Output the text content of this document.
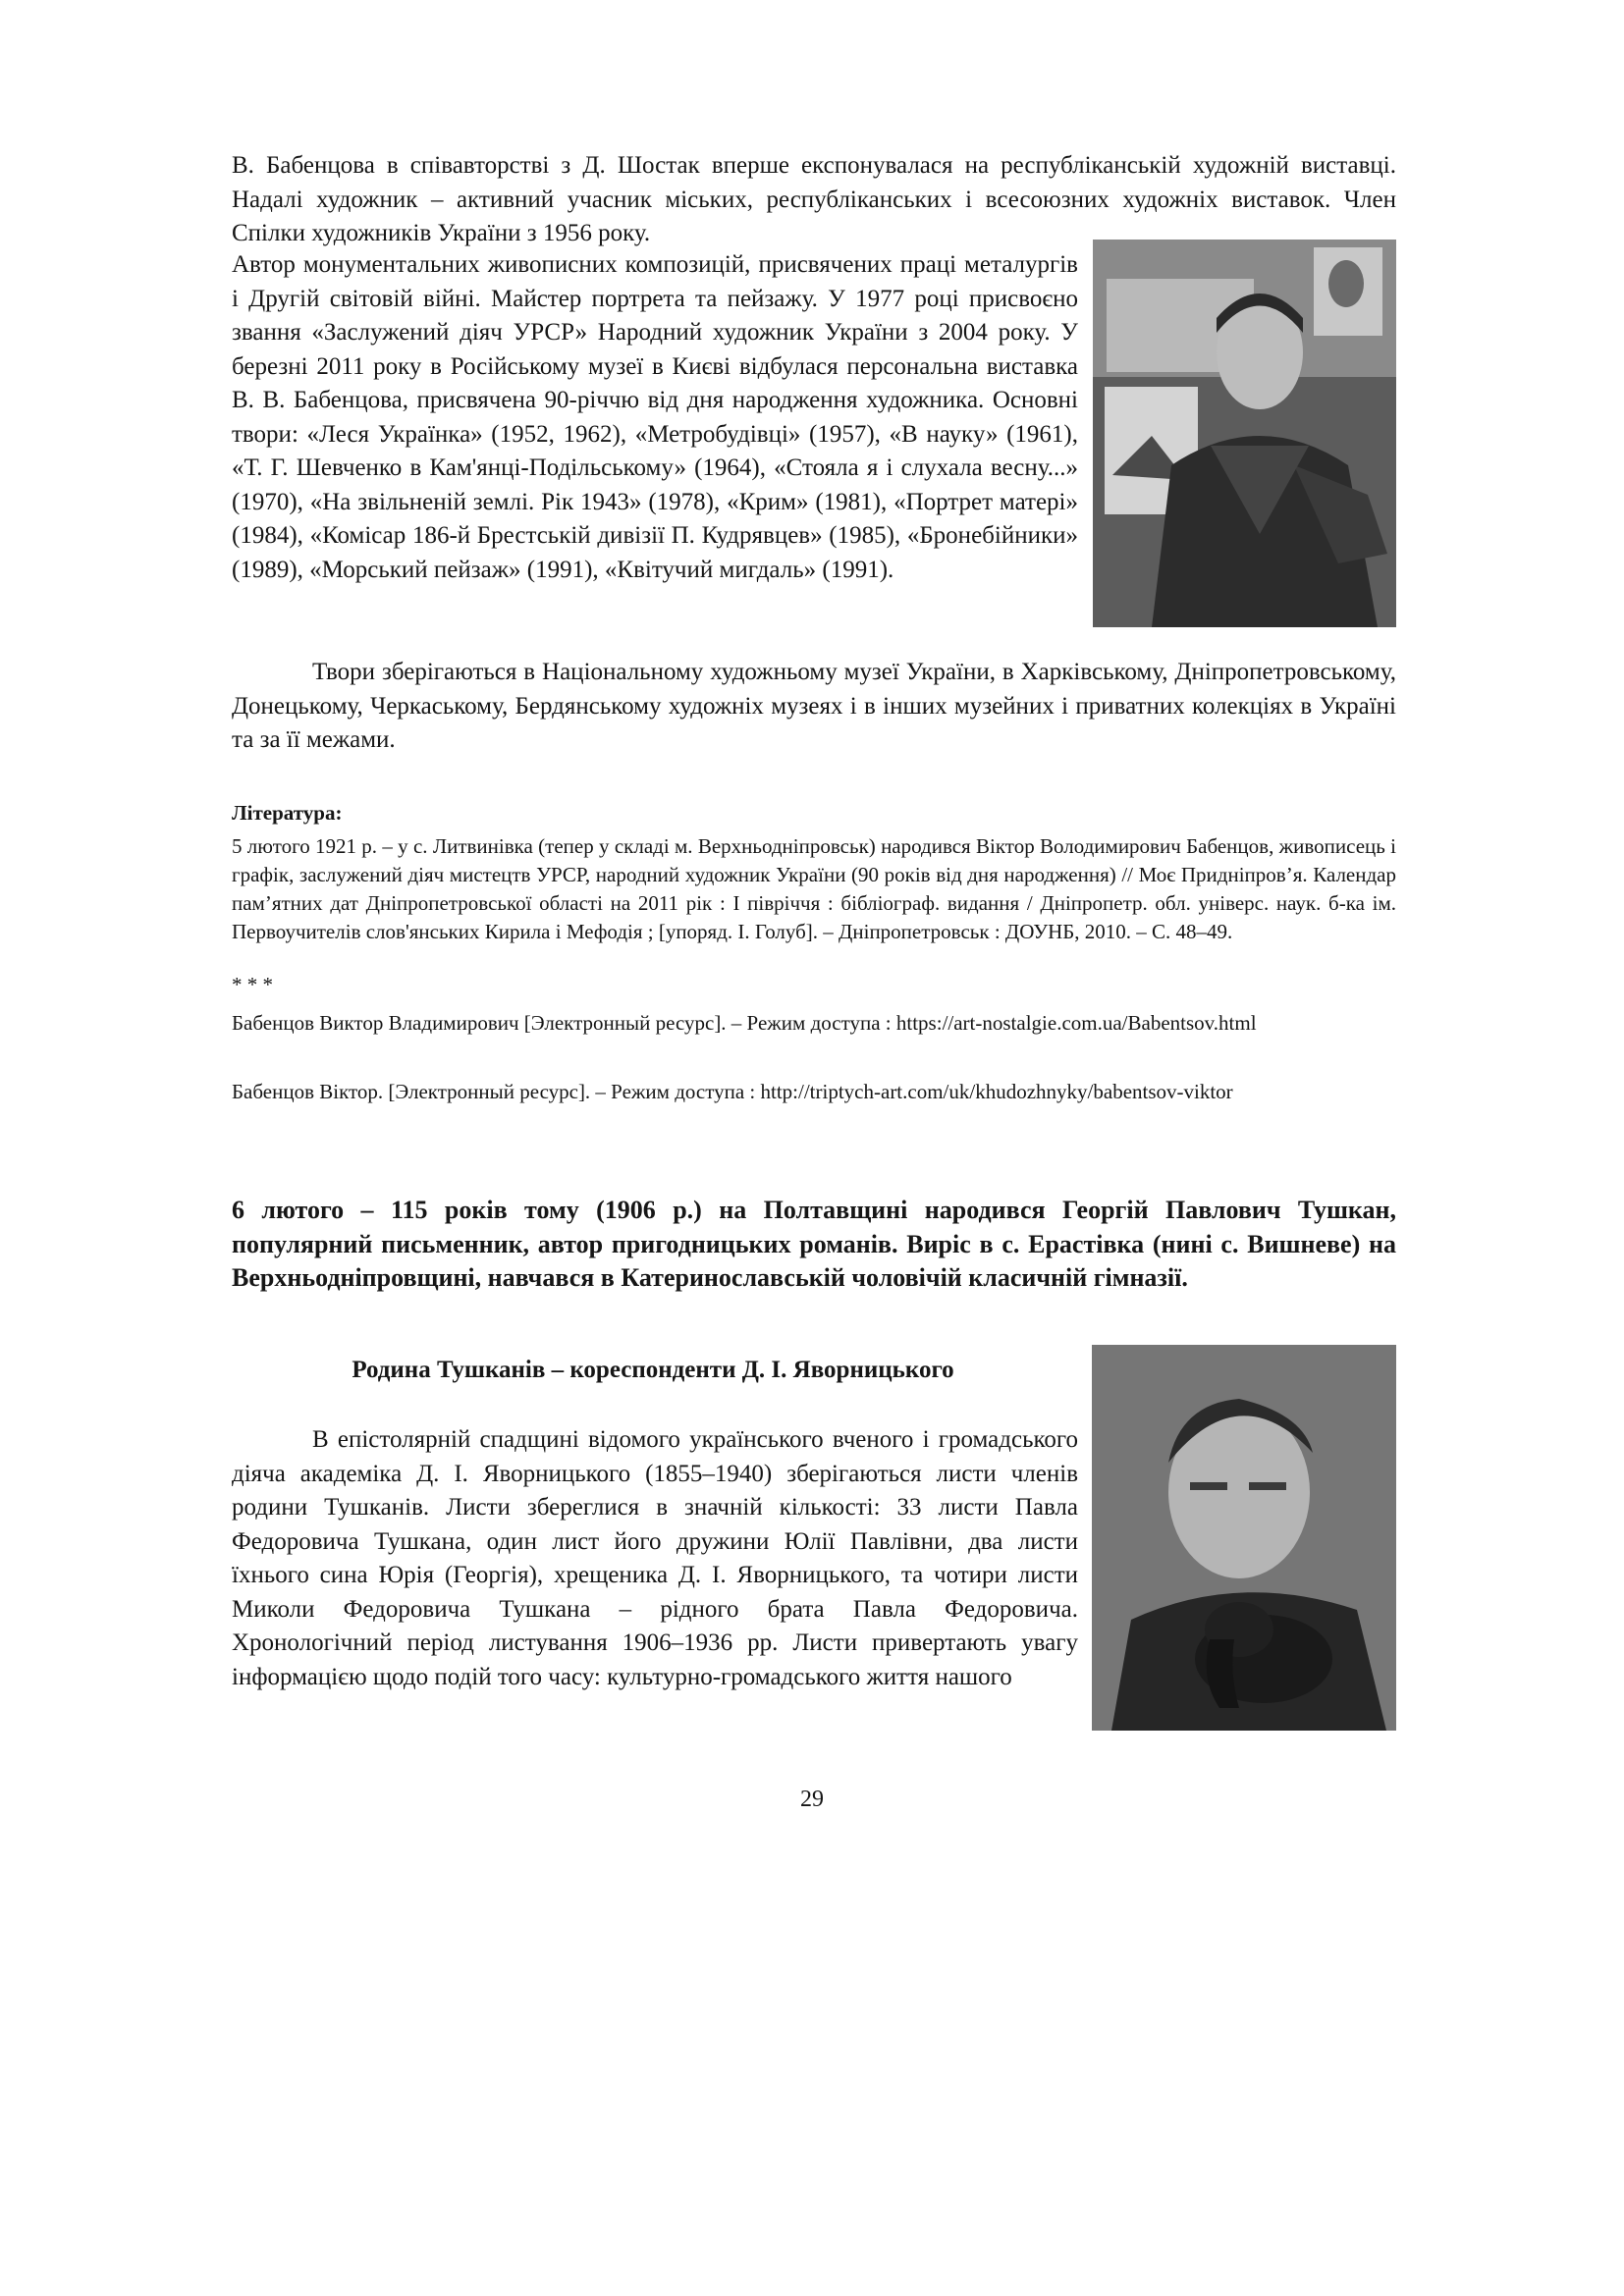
В. Бабенцова в співавторстві з Д. Шостак вперше експонувалася на республіканській художній виставці. Надалі художник – активний учасник міських, республіканських і всесоюзних художніх виставок. Член Спілки художників України з 1956 року.

Автор монументальних живописних композицій, присвячених праці металургів і Другій світовій війні. Майстер портрета та пейзажу. У 1977 році присвоєно звання «Заслужений діяч УРСР» Народний художник України з 2004 року. У березні 2011 року в Російському музеї в Києві відбулася персональна виставка В. В. Бабенцова, присвячена 90-річчю від дня народження художника. Основні твори: «Леся Українка» (1952, 1962), «Метробудівці» (1957), «В науку» (1961), «Т. Г. Шевченко в Кам'янці-Подільському» (1964), «Стояла я і слухала весну...» (1970), «На звільненій землі. Рік 1943» (1978), «Крим» (1981), «Портрет матері» (1984), «Комісар 186-й Брестській дивізії П. Кудрявцев» (1985), «Бронебійники» (1989), «Морський пейзаж» (1991), «Квітучий мигдаль» (1991).

Твори зберігаються в Національному художньому музеї України, в Харківському, Дніпропетровському, Донецькому, Черкаському, Бердянському художніх музеях і в інших музейних і приватних колекціях в Україні та за її межами.

Література:

5 лютого 1921 р. – у с. Литвинівка (тепер у складі м. Верхньодніпровськ) народився Віктор Володимирович Бабенцов, живописець і графік, заслужений діяч мистецтв УРСР, народний художник України (90 років від дня народження) // Моє Придніпров’я. Календар пам’ятних дат Дніпропетровської області на 2011 рік : І півріччя : бібліограф. видання / Дніпропетр. обл. універс. наук. б-ка ім. Первоучителів слов'янських Кирила і Мефодія ; [упоряд. І. Голуб]. – Дніпропетровськ : ДОУНБ, 2010. – С. 48–49.

* * *

Бабенцов Виктор Владимирович [Электронный ресурс]. – Режим доступа : https://art-nostalgie.com.ua/Babentsov.html

Бабенцов Віктор. [Электронный ресурс]. – Режим доступа : http://triptych-art.com/uk/khudozhnyky/babentsov-viktor

6 лютого – 115 років тому (1906 р.) на Полтавщині народився Георгій Павлович Тушкан, популярний письменник, автор пригодницьких романів. Виріс в с. Ерастівка (нині с. Вишневе) на Верхньодніпровщині, навчався в Катеринославській чоловічій класичній гімназії.

Родина Тушканів – кореспонденти Д. І. Яворницького

В епістолярній спадщині відомого українського вченого і громадського діяча академіка Д. І. Яворницького (1855–1940) зберігаються листи членів родини Тушканів. Листи збереглися в значній кількості: 33 листи Павла Федоровича Тушкана, один лист його дружини Юлії Павлівни, два листи їхнього сина Юрія (Георгія), хрещеника Д. І. Яворницького, та чотири листи Миколи Федоровича Тушкана – рідного брата Павла Федоровича. Хронологічний період листування 1906–1936 рр. Листи привертають увагу інформацією щодо подій того часу: культурно-громадського життя нашого

29
